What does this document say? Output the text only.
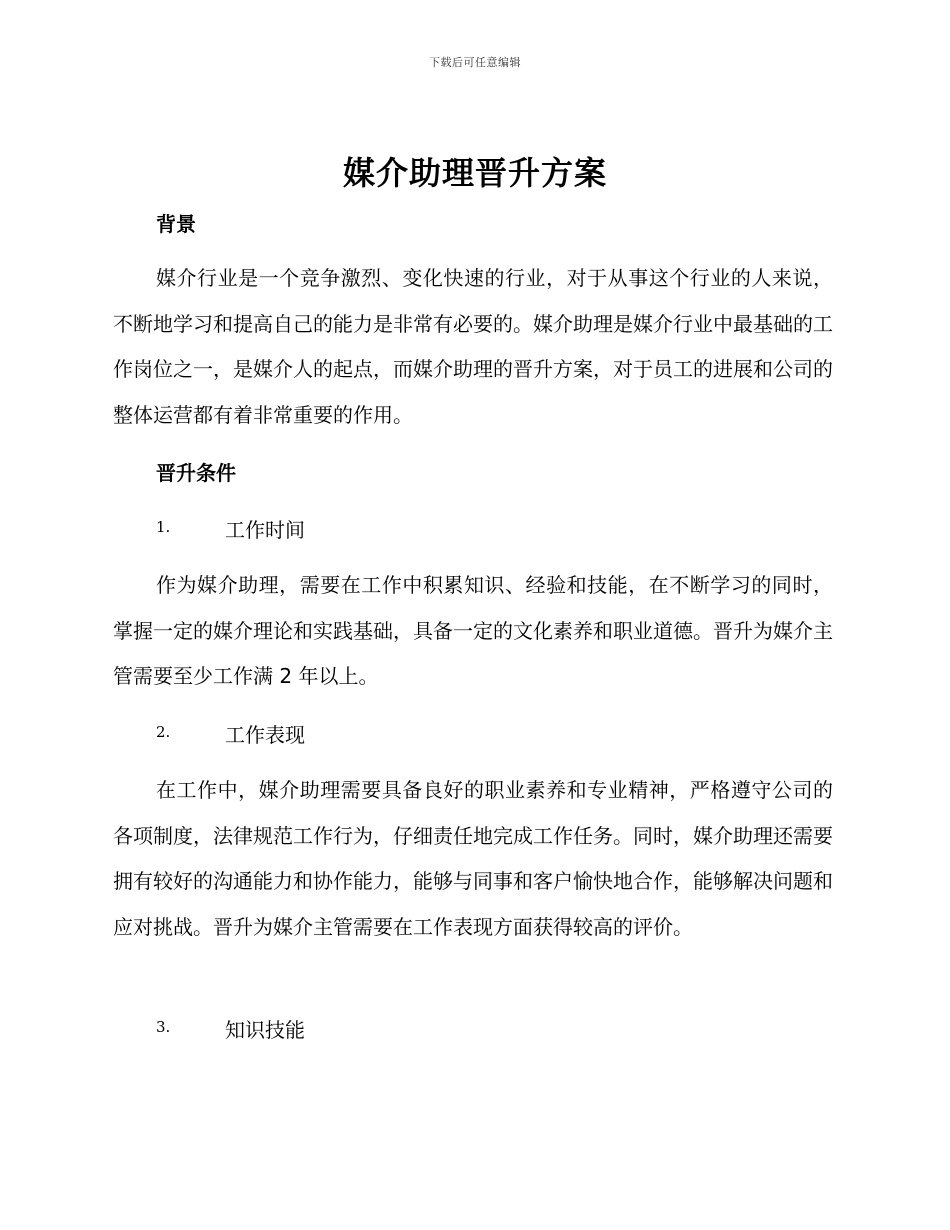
下载后可任意编辑
媒介助理晋升方案
背景
媒介行业是一个竞争激烈、变化快速的行业，对于从事这个行业的人来说，不断地学习和提高自己的能力是非常有必要的。媒介助理是媒介行业中最基础的工作岗位之一，是媒介人的起点，而媒介助理的晋升方案，对于员工的进展和公司的整体运营都有着非常重要的作用。
晋升条件
1.	工作时间
作为媒介助理，需要在工作中积累知识、经验和技能，在不断学习的同时，掌握一定的媒介理论和实践基础，具备一定的文化素养和职业道德。晋升为媒介主管需要至少工作满 2 年以上。
2.	工作表现
在工作中，媒介助理需要具备良好的职业素养和专业精神，严格遵守公司的各项制度，法律规范工作行为，仔细责任地完成工作任务。同时，媒介助理还需要拥有较好的沟通能力和协作能力，能够与同事和客户愉快地合作，能够解决问题和应对挑战。晋升为媒介主管需要在工作表现方面获得较高的评价。
3.	知识技能
